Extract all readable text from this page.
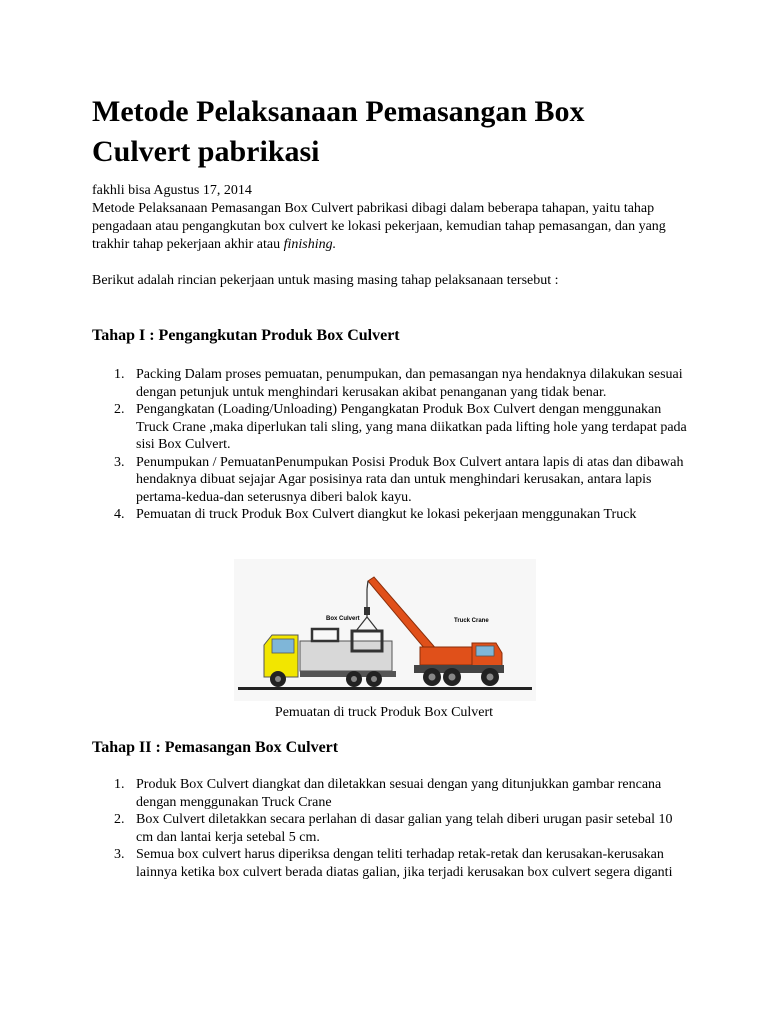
Metode Pelaksanaan Pemasangan Box Culvert pabrikasi
fakhli bisa Agustus 17, 2014

Metode Pelaksanaan Pemasangan Box Culvert pabrikasi dibagi dalam beberapa tahapan, yaitu tahap pengadaan atau pengangkutan box culvert ke lokasi pekerjaan, kemudian tahap pemasangan, dan yang trakhir tahap pekerjaan akhir atau finishing.

Berikut adalah rincian pekerjaan untuk masing masing tahap pelaksanaan tersebut :

Tahap I : Pengangkutan Produk Box Culvert
1. Packing Dalam proses pemuatan, penumpukan, dan pemasangan nya hendaknya dilakukan sesuai dengan petunjuk untuk menghindari kerusakan akibat penanganan yang tidak benar.
2. Pengangkatan (Loading/Unloading) Pengangkatan Produk Box Culvert dengan menggunakan Truck Crane ,maka diperlukan tali sling, yang mana diikatkan pada lifting hole yang terdapat pada sisi Box Culvert.
3. Penumpukan / PemuatanPenumpukan Posisi Produk Box Culvert antara lapis di atas dan dibawah hendaknya dibuat sejajar Agar posisinya rata dan untuk menghindari kerusakan, antara lapis pertama-kedua-dan seterusnya diberi balok kayu.
4. Pemuatan di truck Produk Box Culvert diangkut ke lokasi pekerjaan menggunakan Truck
Box Culvert	Truck Crane
Pemuatan di truck Produk Box Culvert
Tahap II : Pemasangan Box Culvert
1. Produk Box Culvert diangkat dan diletakkan sesuai dengan yang ditunjukkan gambar rencana dengan menggunakan Truck Crane
2. Box Culvert diletakkan secara perlahan di dasar galian yang telah diberi urugan pasir setebal 10 cm dan lantai kerja setebal 5 cm.
3. Semua box culvert harus diperiksa dengan teliti terhadap retak-retak dan kerusakan-kerusakan lainnya ketika box culvert berada diatas galian, jika terjadi kerusakan box culvert segera diganti
